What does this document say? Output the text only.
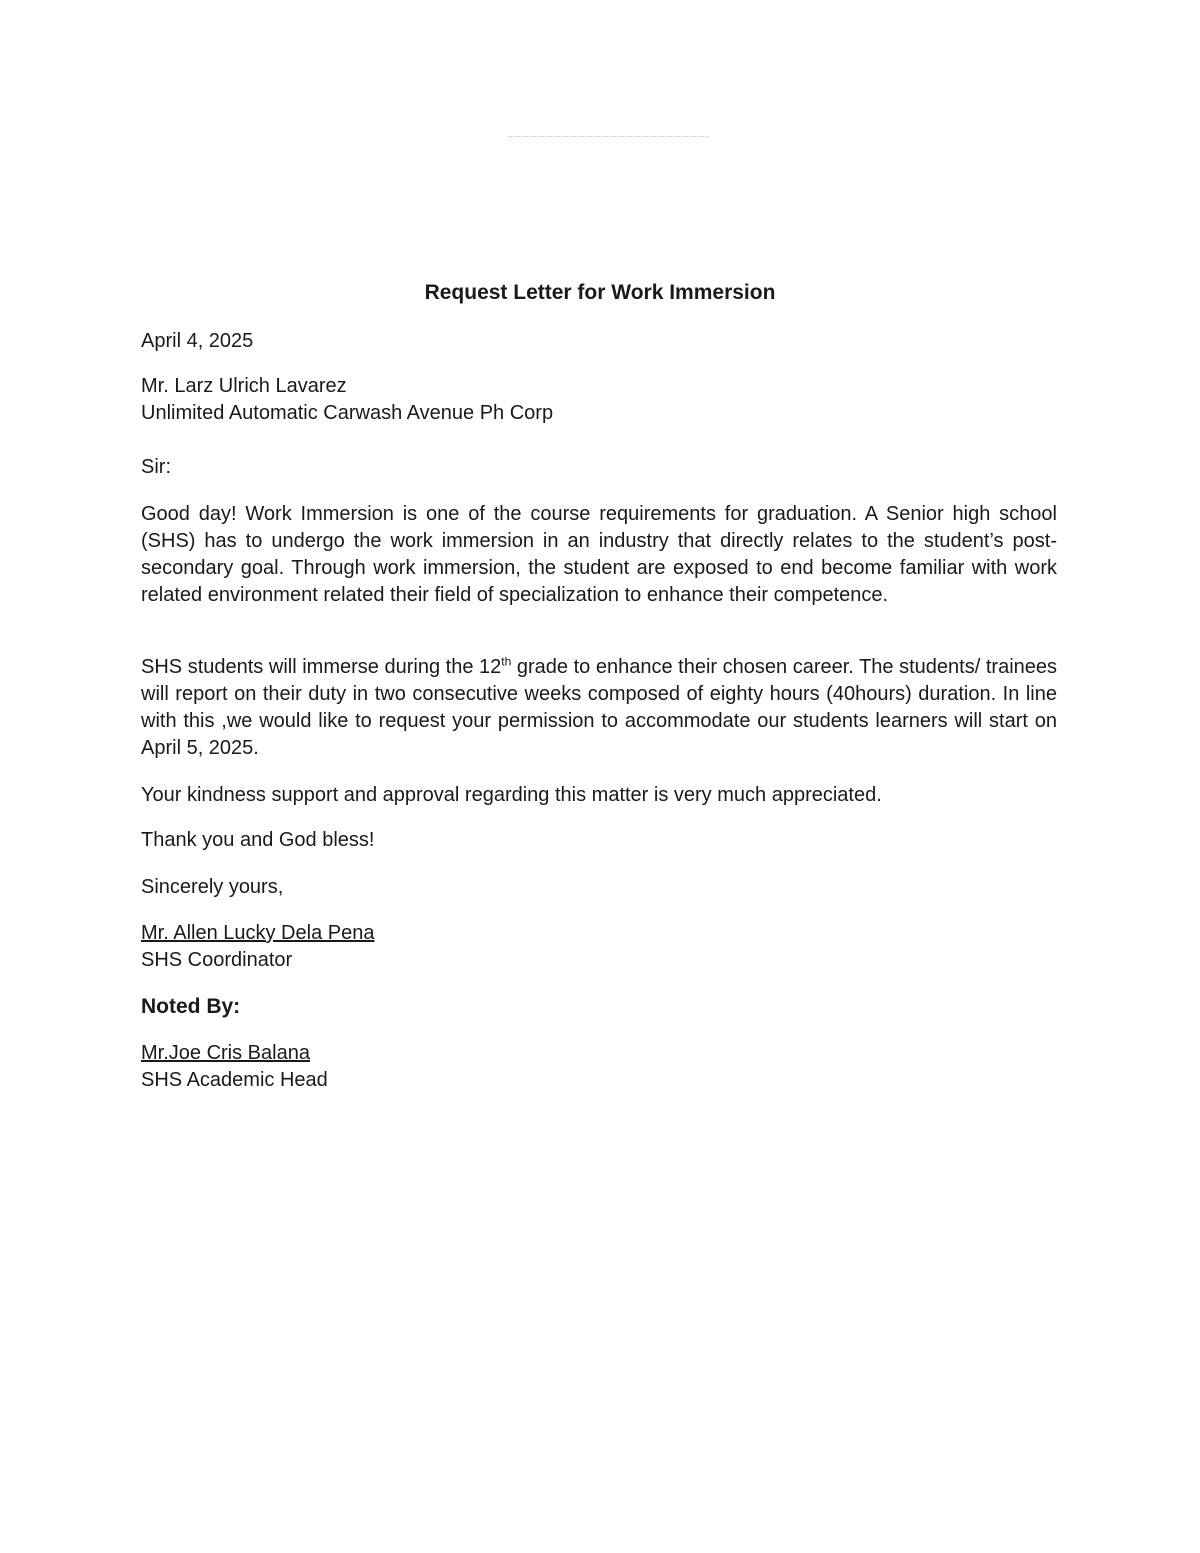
Request Letter for Work Immersion
April 4, 2025
Mr. Larz Ulrich Lavarez
Unlimited Automatic Carwash Avenue Ph Corp
Sir:
Good day! Work Immersion is one of the course requirements for graduation. A Senior high school (SHS) has to undergo the work immersion in an industry that directly relates to the student’s post-secondary goal. Through work immersion, the student are exposed to end become familiar with work related environment related their field of specialization to enhance their competence.
SHS students will immerse during the 12th grade to enhance their chosen career. The students/ trainees will report on their duty in two consecutive weeks composed of eighty hours (40hours) duration. In line with this ,we would like to request your permission to accommodate our students learners will start on April 5, 2025.
Your kindness support and approval regarding this matter is very much appreciated.
Thank you and God bless!
Sincerely yours,
Mr. Allen Lucky Dela Pena
SHS Coordinator
Noted By:
Mr.Joe Cris Balana
SHS Academic Head
